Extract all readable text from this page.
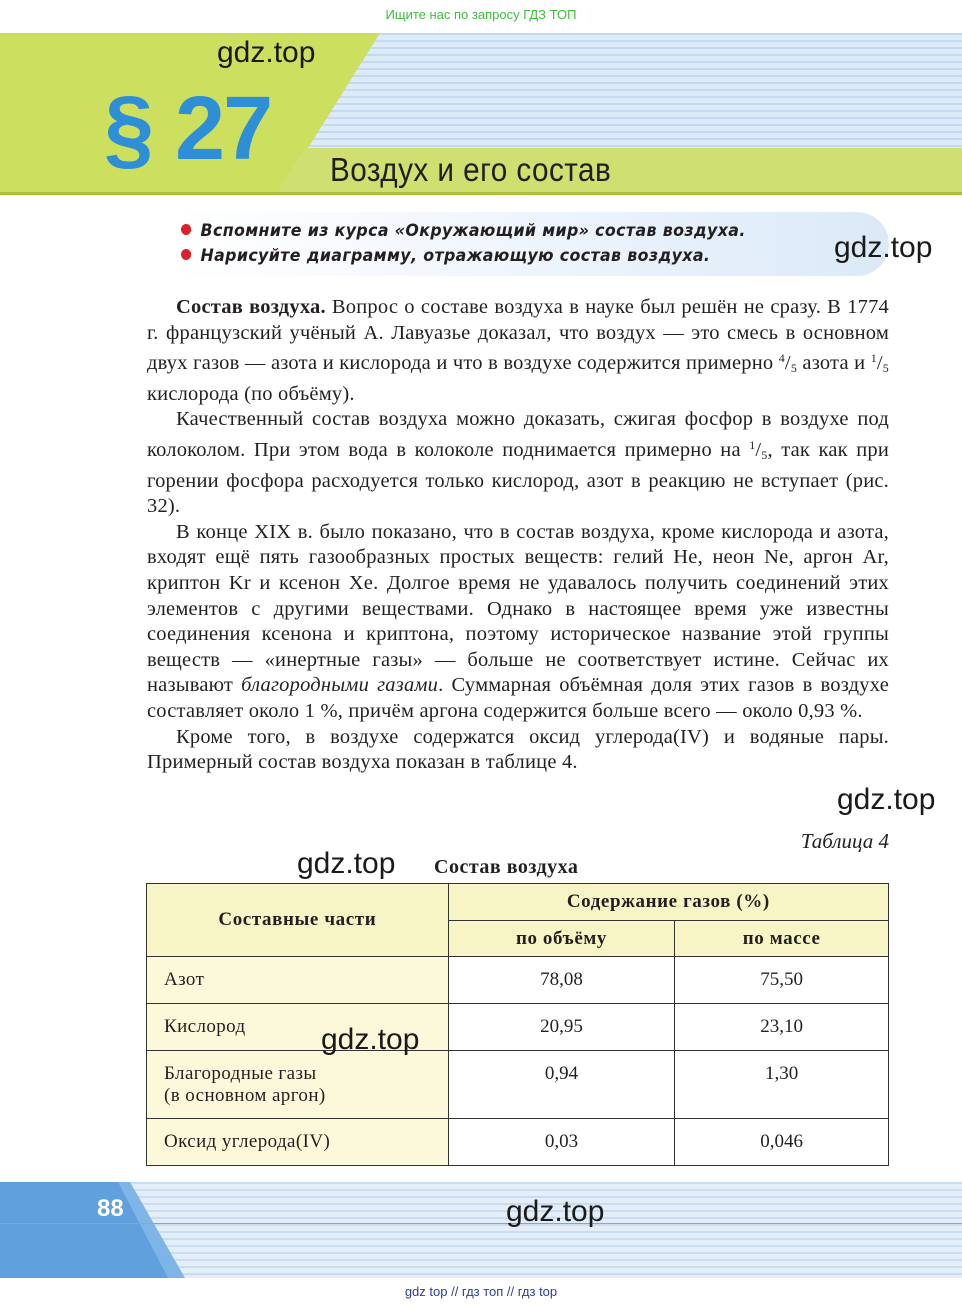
Ищите нас по запросу ГДЗ ТОП
§ 27 Воздух и его состав
gdz.top
Вспомните из курса «Окружающий мир» состав воздуха.
Нарисуйте диаграмму, отражающую состав воздуха.	gdz.top

Состав воздуха. Вопрос о составе воздуха в науке был решён не сразу. В 1774 г. французский учёный А. Лавуазье доказал, что воздух — это смесь в основном двух газов — азота и кислорода и что в воздухе содержится примерно $^4/_5$ азота и $^1/_5$ кислорода (по объёму).

Качественный состав воздуха можно доказать, сжигая фосфор в воздухе под колоколом. При этом вода в колоколе поднимается примерно на $^1/_5$, так как при горении фосфора расходуется только кислород, азот в реакцию не вступает (рис. 32).

В конце XIX в. было показано, что в состав воздуха, кроме кислорода и азота, входят ещё пять газообразных простых веществ: гелий He, неон Ne, аргон Ar, криптон Kr и ксенон Xe. Долгое время не удавалось получить соединений этих элементов с другими веществами. Однако в настоящее время уже известны соединения ксенона и криптона, поэтому историческое название этой группы веществ — «инертные газы» — больше не соответствует истине. Сейчас их называют благородными газами. Суммарная объёмная доля этих газов в воздухе составляет около 1 %, причём аргона содержится больше всего — около 0,93 %.

Кроме того, в воздухе содержатся оксид углерода(IV) и водяные пары. Примерный состав воздуха показан в таблице 4.

gdz.top
Таблица 4
gdz.top Состав воздуха
Составные части	Содержание газов (%)	
	по объёму	по массе
Азот	78,08	75,50
Кислород	20,95	23,10

Благородные газы
(в основном аргон)	0,94	1,30
Оксид углерода(IV)	0,03	0,046
gdz.top
88	gdz.top
gdz top // гдз топ // гдз top
